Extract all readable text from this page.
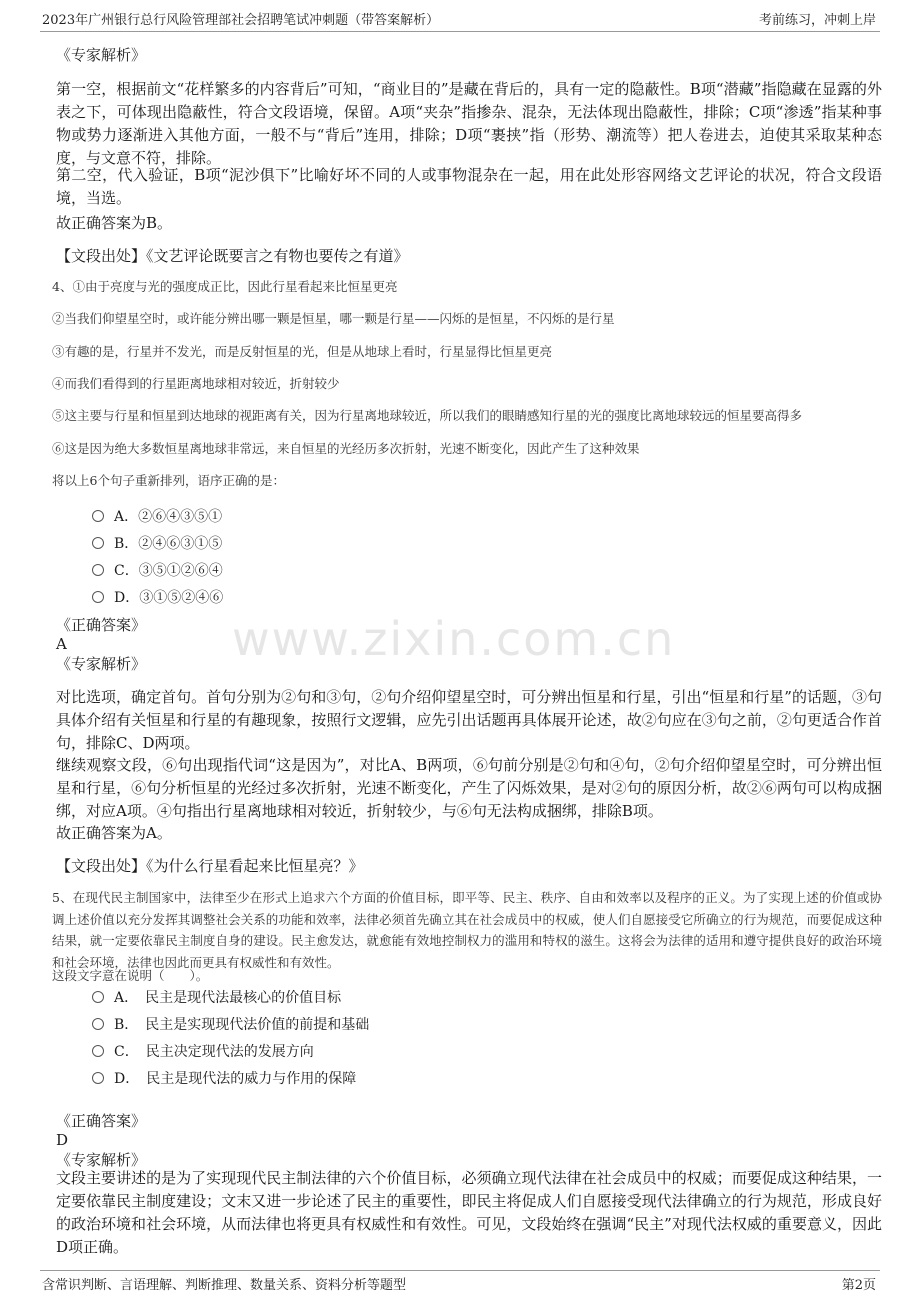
2023年广州银行总行风险管理部社会招聘笔试冲刺题（带答案解析）	考前练习，冲刺上岸
www.zixin.com.cn
《专家解析》
第一空，根据前文“花样繁多的内容背后”可知，“商业目的”是藏在背后的，具有一定的隐蔽性。B项“潜藏”指隐藏在显露的外表之下，可体现出隐蔽性，符合文段语境，保留。A项“夹杂”指掺杂、混杂，无法体现出隐蔽性，排除；C项“渗透”指某种事物或势力逐渐进入其他方面，一般不与“背后”连用，排除；D项“裹挟”指（形势、潮流等）把人卷进去，迫使其采取某种态度，与文意不符，排除。
第二空，代入验证，B项“泥沙俱下”比喻好坏不同的人或事物混杂在一起，用在此处形容网络文艺评论的状况，符合文段语境，当选。
故正确答案为B。
【文段出处】《文艺评论既要言之有物也要传之有道》
4、①由于亮度与光的强度成正比，因此行星看起来比恒星更亮
②当我们仰望星空时，或许能分辨出哪一颗是恒星，哪一颗是行星——闪烁的是恒星，不闪烁的是行星
③有趣的是，行星并不发光，而是反射恒星的光，但是从地球上看时，行星显得比恒星更亮
④而我们看得到的行星距离地球相对较近，折射较少
⑤这主要与行星和恒星到达地球的视距离有关，因为行星离地球较近，所以我们的眼睛感知行星的光的强度比离地球较远的恒星要高得多
⑥这是因为绝大多数恒星离地球非常远，来自恒星的光经历多次折射，光速不断变化，因此产生了这种效果
将以上6个句子重新排列，语序正确的是：
A．②⑥④③⑤①
B．②④⑥③①⑤
C．③⑤①②⑥④
D．③①⑤②④⑥
《正确答案》
A
《专家解析》
对比选项，确定首句。首句分别为②句和③句，②句介绍仰望星空时，可分辨出恒星和行星，引出“恒星和行星”的话题，③句具体介绍有关恒星和行星的有趣现象，按照行文逻辑，应先引出话题再具体展开论述，故②句应在③句之前，②句更适合作首句，排除C、D两项。
继续观察文段，⑥句出现指代词“这是因为”，对比A、B两项，⑥句前分别是②句和④句，②句介绍仰望星空时，可分辨出恒星和行星，⑥句分析恒星的光经过多次折射，光速不断变化，产生了闪烁效果，是对②句的原因分析，故②⑥两句可以构成捆绑，对应A项。④句指出行星离地球相对较近，折射较少，与⑥句无法构成捆绑，排除B项。
故正确答案为A。
【文段出处】《为什么行星看起来比恒星亮？》
5、在现代民主制国家中，法律至少在形式上追求六个方面的价值目标，即平等、民主、秩序、自由和效率以及程序的正义。为了实现上述的价值或协调上述价值以充分发挥其调整社会关系的功能和效率，法律必须首先确立其在社会成员中的权威，使人们自愿接受它所确立的行为规范，而要促成这种结果，就一定要依靠民主制度自身的建设。民主愈发达，就愈能有效地控制权力的滥用和特权的滋生。这将会为法律的适用和遵守提供良好的政治环境和社会环境，法律也因此而更具有权威性和有效性。
这段文字意在说明（　　）。
A．　民主是现代法最核心的价值目标
B．　民主是实现现代法价值的前提和基础
C．　民主决定现代法的发展方向
D．　民主是现代法的威力与作用的保障
《正确答案》
D
《专家解析》
文段主要讲述的是为了实现现代民主制法律的六个价值目标，必须确立现代法律在社会成员中的权威；而要促成这种结果，一定要依靠民主制度建设；文末又进一步论述了民主的重要性，即民主将促成人们自愿接受现代法律确立的行为规范，形成良好的政治环境和社会环境，从而法律也将更具有权威性和有效性。可见，文段始终在强调“民主”对现代法权威的重要意义，因此D项正确。
含常识判断、言语理解、判断推理、数量关系、资料分析等题型	第2页
